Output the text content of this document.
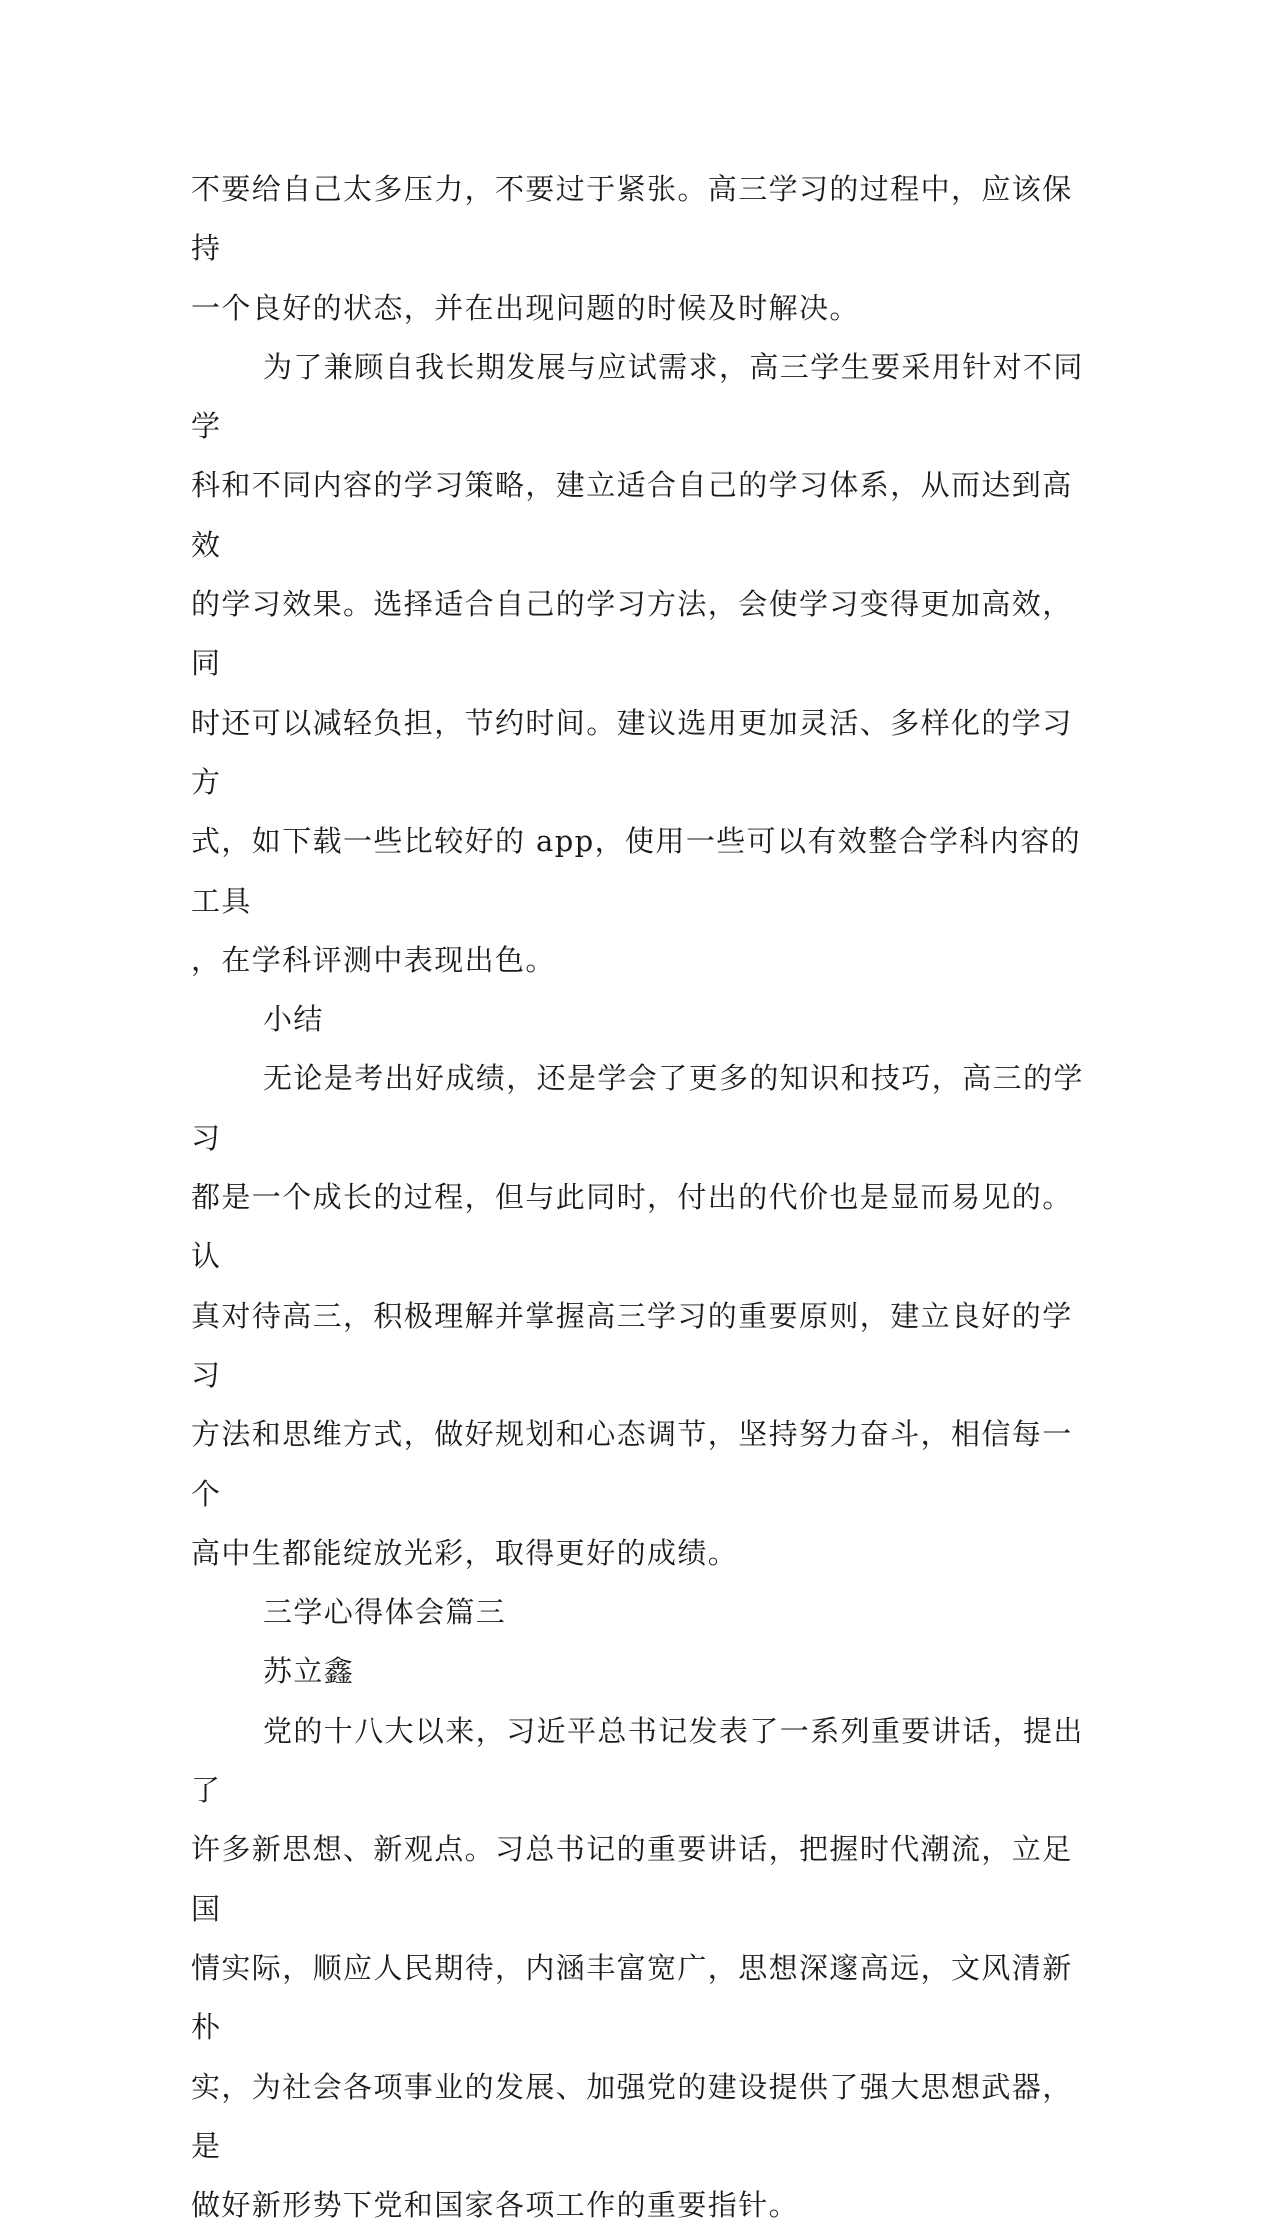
不要给自己太多压力，不要过于紧张。高三学习的过程中，应该保持

一个良好的状态，并在出现问题的时候及时解决。

为了兼顾自我长期发展与应试需求，高三学生要采用针对不同学

科和不同内容的学习策略，建立适合自己的学习体系，从而达到高效

的学习效果。选择适合自己的学习方法，会使学习变得更加高效，同

时还可以减轻负担，节约时间。建议选用更加灵活、多样化的学习方

式，如下载一些比较好的 app，使用一些可以有效整合学科内容的工具

，在学科评测中表现出色。

小结

无论是考出好成绩，还是学会了更多的知识和技巧，高三的学习

都是一个成长的过程，但与此同时，付出的代价也是显而易见的。认

真对待高三，积极理解并掌握高三学习的重要原则，建立良好的学习

方法和思维方式，做好规划和心态调节，坚持努力奋斗，相信每一个

高中生都能绽放光彩，取得更好的成绩。

三学心得体会篇三

苏立鑫

党的十八大以来，习近平总书记发表了一系列重要讲话，提出了

许多新思想、新观点。习总书记的重要讲话，把握时代潮流，立足国

情实际，顺应人民期待，内涵丰富宽广，思想深邃高远，文风清新朴

实，为社会各项事业的发展、加强党的建设提供了强大思想武器，是

做好新形势下党和国家各项工作的重要指针。
